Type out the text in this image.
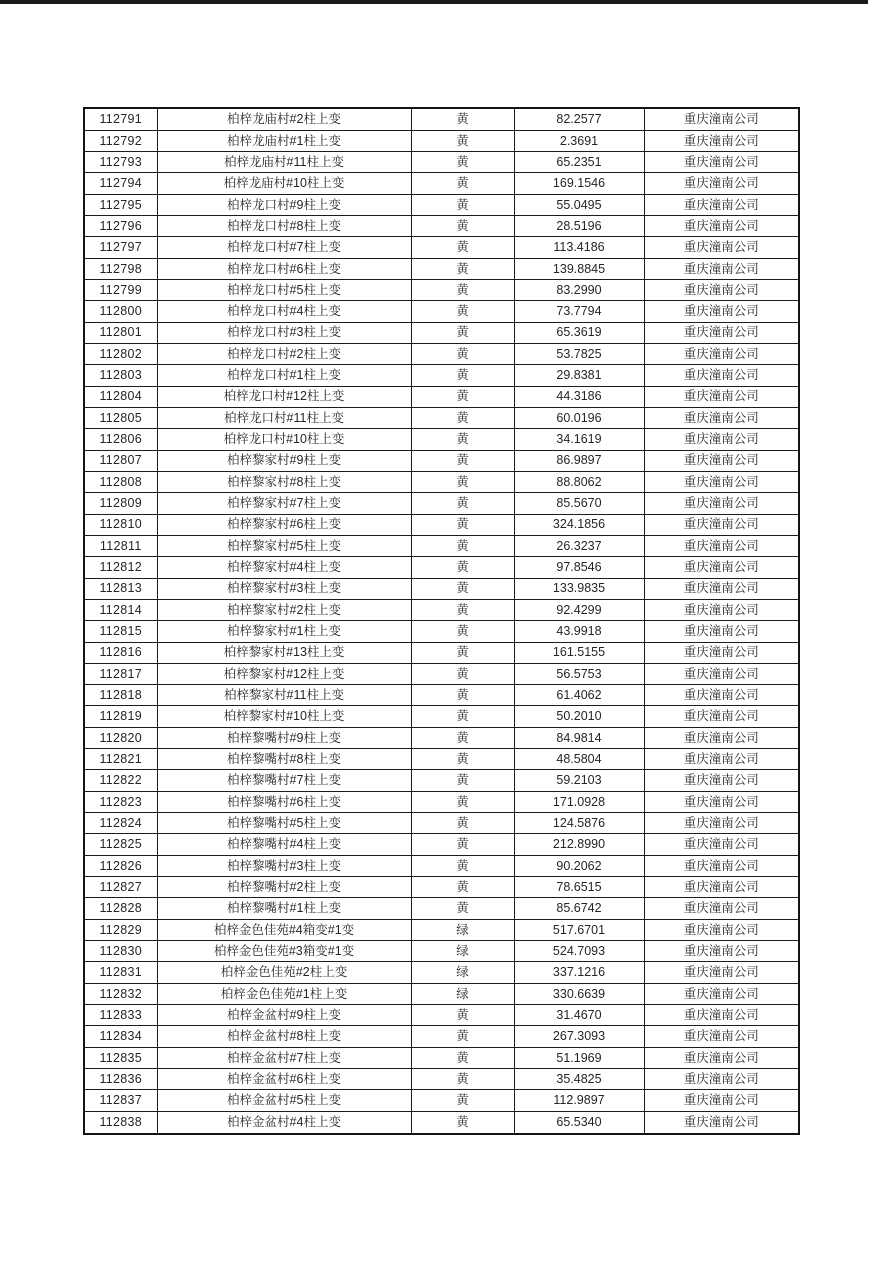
112791	柏梓龙庙村#2柱上变	黄	82.2577	重庆潼南公司
112792	柏梓龙庙村#1柱上变	黄	2.3691	重庆潼南公司
112793	柏梓龙庙村#11柱上变	黄	65.2351	重庆潼南公司
112794	柏梓龙庙村#10柱上变	黄	169.1546	重庆潼南公司
112795	柏梓龙口村#9柱上变	黄	55.0495	重庆潼南公司
112796	柏梓龙口村#8柱上变	黄	28.5196	重庆潼南公司
112797	柏梓龙口村#7柱上变	黄	113.4186	重庆潼南公司
112798	柏梓龙口村#6柱上变	黄	139.8845	重庆潼南公司
112799	柏梓龙口村#5柱上变	黄	83.2990	重庆潼南公司
112800	柏梓龙口村#4柱上变	黄	73.7794	重庆潼南公司
112801	柏梓龙口村#3柱上变	黄	65.3619	重庆潼南公司
112802	柏梓龙口村#2柱上变	黄	53.7825	重庆潼南公司
112803	柏梓龙口村#1柱上变	黄	29.8381	重庆潼南公司
112804	柏梓龙口村#12柱上变	黄	44.3186	重庆潼南公司
112805	柏梓龙口村#11柱上变	黄	60.0196	重庆潼南公司
112806	柏梓龙口村#10柱上变	黄	34.1619	重庆潼南公司
112807	柏梓黎家村#9柱上变	黄	86.9897	重庆潼南公司
112808	柏梓黎家村#8柱上变	黄	88.8062	重庆潼南公司
112809	柏梓黎家村#7柱上变	黄	85.5670	重庆潼南公司
112810	柏梓黎家村#6柱上变	黄	324.1856	重庆潼南公司
112811	柏梓黎家村#5柱上变	黄	26.3237	重庆潼南公司
112812	柏梓黎家村#4柱上变	黄	97.8546	重庆潼南公司
112813	柏梓黎家村#3柱上变	黄	133.9835	重庆潼南公司
112814	柏梓黎家村#2柱上变	黄	92.4299	重庆潼南公司
112815	柏梓黎家村#1柱上变	黄	43.9918	重庆潼南公司
112816	柏梓黎家村#13柱上变	黄	161.5155	重庆潼南公司
112817	柏梓黎家村#12柱上变	黄	56.5753	重庆潼南公司
112818	柏梓黎家村#11柱上变	黄	61.4062	重庆潼南公司
112819	柏梓黎家村#10柱上变	黄	50.2010	重庆潼南公司
112820	柏梓黎嘴村#9柱上变	黄	84.9814	重庆潼南公司
112821	柏梓黎嘴村#8柱上变	黄	48.5804	重庆潼南公司
112822	柏梓黎嘴村#7柱上变	黄	59.2103	重庆潼南公司
112823	柏梓黎嘴村#6柱上变	黄	171.0928	重庆潼南公司
112824	柏梓黎嘴村#5柱上变	黄	124.5876	重庆潼南公司
112825	柏梓黎嘴村#4柱上变	黄	212.8990	重庆潼南公司
112826	柏梓黎嘴村#3柱上变	黄	90.2062	重庆潼南公司
112827	柏梓黎嘴村#2柱上变	黄	78.6515	重庆潼南公司
112828	柏梓黎嘴村#1柱上变	黄	85.6742	重庆潼南公司
112829	柏梓金色佳苑#4箱变#1变	绿	517.6701	重庆潼南公司
112830	柏梓金色佳苑#3箱变#1变	绿	524.7093	重庆潼南公司
112831	柏梓金色佳苑#2柱上变	绿	337.1216	重庆潼南公司
112832	柏梓金色佳苑#1柱上变	绿	330.6639	重庆潼南公司
112833	柏梓金盆村#9柱上变	黄	31.4670	重庆潼南公司
112834	柏梓金盆村#8柱上变	黄	267.3093	重庆潼南公司
112835	柏梓金盆村#7柱上变	黄	51.1969	重庆潼南公司
112836	柏梓金盆村#6柱上变	黄	35.4825	重庆潼南公司
112837	柏梓金盆村#5柱上变	黄	112.9897	重庆潼南公司
112838	柏梓金盆村#4柱上变	黄	65.5340	重庆潼南公司
